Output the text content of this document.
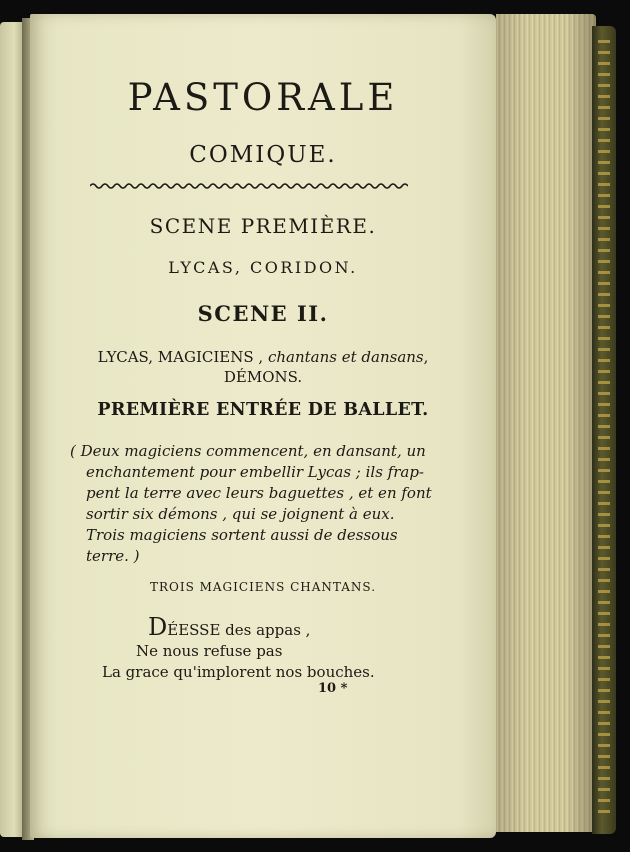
PASTORALE
COMIQUE.
SCENE PREMIÈRE.
LYCAS, CORIDON.
SCENE II.
LYCAS, MAGICIENS , chantans et dansans,
DÉMONS.
PREMIÈRE ENTRÉE DE BALLET.
( Deux magiciens commencent, en dansant, un
enchantement pour embellir Lycas ; ils frap-
pent la terre avec leurs baguettes , et en font
sortir six démons , qui se joignent à eux.
Trois magiciens sortent aussi de dessous
terre. )
TROIS MAGICIENS CHANTANS.
DÉESSE des appas ,
Ne nous refuse pas
La grace qu'implorent nos bouches.
10 *
